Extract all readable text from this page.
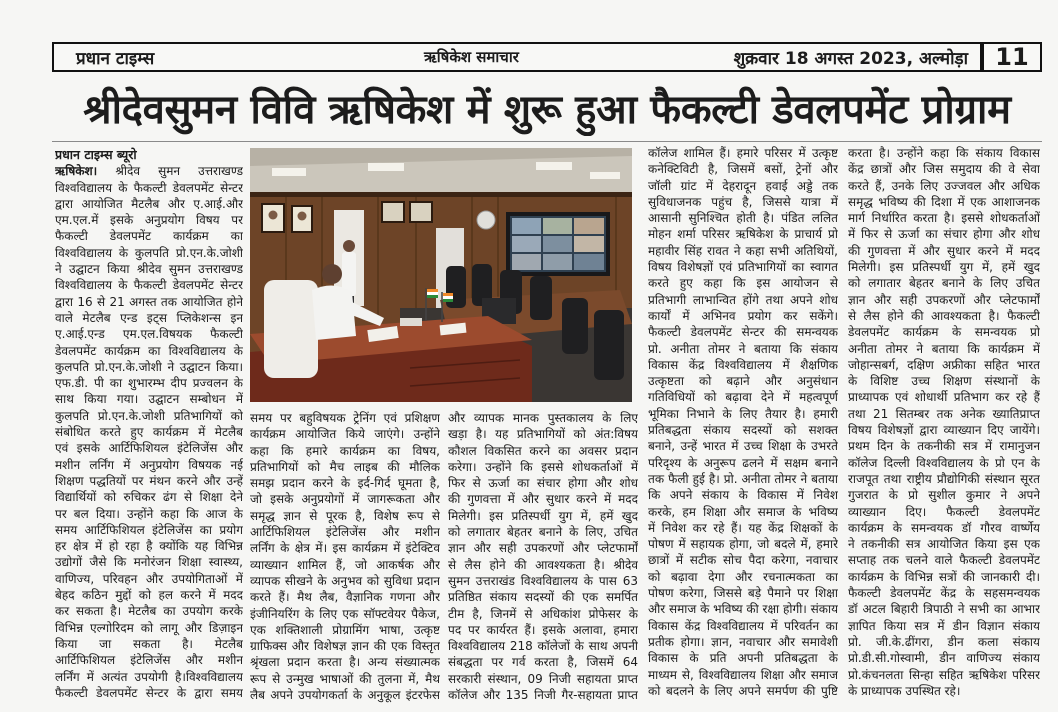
प्रधान टाइम्स	ऋषिकेश समाचार	शुक्रवार 18 अगस्त 2023, अल्मोड़ा	11
श्रीदेवसुमन विवि ऋषिकेश में शुरू हुआ फैकल्टी डेवलपमेंट प्रोग्राम
प्रधान टाइम्स ब्यूरो
ऋषिकेश। श्रीदेव सुमन उत्तराखण्ड
विश्वविद्यालय के फैकल्टी डेवलपमेंट सेन्टर
द्वारा आयोजित मैटलैब और ए.आई.और
एम.एल.में इसके अनुप्रयोग विषय पर
फैकल्टी डेवलपमेंट कार्यक्रम का
विश्वविद्यालय के कुलपति प्रो.एन.के.जोशी
ने उद्घाटन किया श्रीदेव सुमन उत्तराखण्ड
विश्वविद्यालय के फैकल्टी डेवलपमेंट सेन्टर
द्वारा 16 से 21 अगस्त तक आयोजित होने
वाले मेटलैब एन्ड इट्स प्लिकेशन्स इन
ए.आई.एन्ड एम.एल.विषयक फैकल्टी
डेवलपमेंट कार्यक्रम का विश्वविद्यालय के
कुलपति प्रो.एन.के.जोशी ने उद्घाटन किया।
एफ.डी. पी का शुभारम्भ दीप प्रज्वलन के
साथ किया गया। उद्घाटन सम्बोधन में
कुलपति प्रो.एन.के.जोशी प्रतिभागियों को
संबोधित करते हुए कार्यक्रम में मेटलैब
एवं इसके आर्टिफिशियल इंटेलिजेंस और
मशीन लर्निंग में अनुप्रयोग विषयक नई
शिक्षण पद्धतियों पर मंथन करने और उन्हें
विद्यार्थियों को रुचिकर ढंग से शिक्षा देने
पर बल दिया। उन्होंने कहा कि आज के
समय आर्टिफिशियल इंटेलिजेंस का प्रयोग
हर क्षेत्र में हो रहा है क्योंकि यह विभिन्न
उद्योगों जैसे कि मनोरंजन शिक्षा स्वास्थ्य,
वाणिज्य, परिवहन और उपयोगिताओं में
बेहद कठिन मुद्दों को हल करने में मदद
कर सकता है। मेटलैब का उपयोग करके
विभिन्न एल्गोरिदम को लागू और डिज़ाइन
किया जा सकता है। मेटलैब
आर्टिफिशियल इंटेलिजेंस और मशीन
लर्निंग में अत्यंत उपयोगी है।विश्वविद्यालय
फैकल्टी डेवलपमेंट सेन्टर के द्वारा समय
समय पर बहुविषयक ट्रेनिंग एवं प्रशिक्षण
कार्यक्रम आयोजित किये जाएंगे। उन्होंने
कहा कि हमारे कार्यक्रम का विषय,
प्रतिभागियों को मैच लाइब की मौलिक
समझ प्रदान करने के इर्द-गिर्द घूमता है,
जो इसके अनुप्रयोगों में जागरूकता और
समृद्ध ज्ञान से पूरक है, विशेष रूप से
आर्टिफिशियल इंटेलिजेंस और मशीन
लर्निंग के क्षेत्र में। इस कार्यक्रम में इंटेक्टिव
व्याख्यान शामिल हैं, जो आकर्षक और
व्यापक सीखने के अनुभव को सुविधा प्रदान
करते हैं। मैथ लैब, वैज्ञानिक गणना और
इंजीनियरिंग के लिए एक सॉफ्टवेयर पैकेज,
एक शक्तिशाली प्रोग्रामिंग भाषा, उत्कृष्ट
ग्राफिक्स और विशेषज्ञ ज्ञान की एक विस्तृत
श्रृंखला प्रदान करता है। अन्य संख्यात्मक
रूप से उन्मुख भाषाओं की तुलना में, मैथ
लैब अपने उपयोगकर्ता के अनुकूल इंटरफेस
और व्यापक मानक पुस्तकालय के लिए
खड़ा है। यह प्रतिभागियों को अंत:विषय
कौशल विकसित करने का अवसर प्रदान
करेगा। उन्होंने कि इससे शोधकर्ताओं में
फिर से ऊर्जा का संचार होगा और शोध
की गुणवत्ता में और सुधार करने में मदद
मिलेगी। इस प्रतिस्पर्धी युग में, हमें खुद
को लगातार बेहतर बनाने के लिए, उचित
ज्ञान और सही उपकरणों और प्लेटफार्मों
से लैस होने की आवश्यकता है। श्रीदेव
सुमन उत्तराखंड विश्वविद्यालय के पास 63
प्रतिष्ठित संकाय सदस्यों की एक समर्पित
टीम है, जिनमें से अधिकांश प्रोफेसर के
पद पर कार्यरत हैं। इसके अलावा, हमारा
विश्वविद्यालय 218 कॉलेजों के साथ अपनी
संबद्धता पर गर्व करता है, जिसमें 64
सरकारी संस्थान, 09 निजी सहायता प्राप्त
कॉलेज और 135 निजी गैर-सहायता प्राप्त
कॉलेज शामिल हैं। हमारे परिसर में उत्कृष्ट
कनेक्टिविटी है, जिसमें बसों, ट्रेनों और
जॉली ग्रांट में देहरादून हवाई अड्डे तक
सुविधाजनक पहुंच है, जिससे यात्रा में
आसानी सुनिश्चित होती है। पंडित ललित
मोहन शर्मा परिसर ऋषिकेश के प्राचार्य प्रो
महावीर सिंह रावत ने कहा सभी अतिथियों,
विषय विशेषज्ञों एवं प्रतिभागियों का स्वागत
करते हुए कहा कि इस आयोजन से
प्रतिभागी लाभान्वित होंगे तथा अपने शोध
कार्यों में अभिनव प्रयोग कर सकेंगे।
फैकल्टी डेवलपमेंट सेन्टर की समन्वयक
प्रो. अनीता तोमर ने बताया कि संकाय
विकास केंद्र विश्वविद्यालय में शैक्षणिक
उत्कृष्टता को बढ़ाने और अनुसंधान
गतिविधियों को बढ़ावा देने में महत्वपूर्ण
भूमिका निभाने के लिए तैयार है। हमारी
प्रतिबद्धता संकाय सदस्यों को सशक्त
बनाने, उन्हें भारत में उच्च शिक्षा के उभरते
परिदृश्य के अनुरूप ढलने में सक्षम बनाने
तक फैली हुई है। प्रो. अनीता तोमर ने बताया
कि अपने संकाय के विकास में निवेश
करके, हम शिक्षा और समाज के भविष्य
में निवेश कर रहे हैं। यह केंद्र शिक्षकों के
पोषण में सहायक होगा, जो बदले में, हमारे
छात्रों में सटीक सोच पैदा करेगा, नवाचार
को बढ़ावा देगा और रचनात्मकता का
पोषण करेगा, जिससे बड़े पैमाने पर शिक्षा
और समाज के भविष्य की रक्षा होगी। संकाय
विकास केंद्र विश्वविद्यालय में परिवर्तन का
प्रतीक होगा। ज्ञान, नवाचार और समावेशी
विकास के प्रति अपनी प्रतिबद्धता के
माध्यम से, विश्वविद्यालय शिक्षा और समाज
को बदलने के लिए अपने समर्पण की पुष्टि
करता है। उन्होंने कहा कि संकाय विकास
केंद्र छात्रों और जिस समुदाय की वे सेवा
करते हैं, उनके लिए उज्जवल और अधिक
समृद्ध भविष्य की दिशा में एक आशाजनक
मार्ग निर्धारित करता है। इससे शोधकर्ताओं
में फिर से ऊर्जा का संचार होगा और शोध
की गुणवत्ता में और सुधार करने में मदद
मिलेगी। इस प्रतिस्पर्धी युग में, हमें खुद
को लगातार बेहतर बनाने के लिए उचित
ज्ञान और सही उपकरणों और प्लेटफार्मों
से लैस होने की आवश्यकता है। फैकल्टी
डेवलपमेंट कार्यक्रम के समन्वयक प्रो
अनीता तोमर ने बताया कि कार्यक्रम में
जोहान्सबर्ग, दक्षिण अफ्रीका सहित भारत
के विशिष्ट उच्च शिक्षण संस्थानों के
प्राध्यापक एवं शोधार्थी प्रतिभाग कर रहे हैं
तथा 21 सितम्बर तक अनेक ख्यातिप्राप्त
विषय विशेषज्ञों द्वारा व्याख्यान दिए जायेंगे।
प्रथम दिन के तकनीकी सत्र में रामानुजन
कॉलेज दिल्ली विश्वविद्यालय के प्रो एन के
राजपूत तथा राष्ट्रीय प्रौद्योगिकी संस्थान सूरत
गुजरात के प्रो सुशील कुमार ने अपने
व्याख्यान दिए। फैकल्टी डेवलपमेंट
कार्यक्रम के समन्वयक डॉ गौरव वार्ष्णेय
ने तकनीकी सत्र आयोजित किया इस एक
सप्ताह तक चलने वाले फैकल्टी डेवलपमेंट
कार्यक्रम के विभिन्न सत्रों की जानकारी दी।
फैकल्टी डेवलपमेंट केंद्र के सहसमन्वयक
डॉ अटल बिहारी त्रिपाठी ने सभी का आभार
ज्ञापित किया सत्र में डीन विज्ञान संकाय
प्रो. जी.के.ढींगरा, डीन कला संकाय
प्रो.डी.सी.गोस्वामी, डीन वाणिज्य संकाय
प्रो.कंचनलता सिन्हा सहित ऋषिकेश परिसर
के प्राध्यापक उपस्थित रहे।
